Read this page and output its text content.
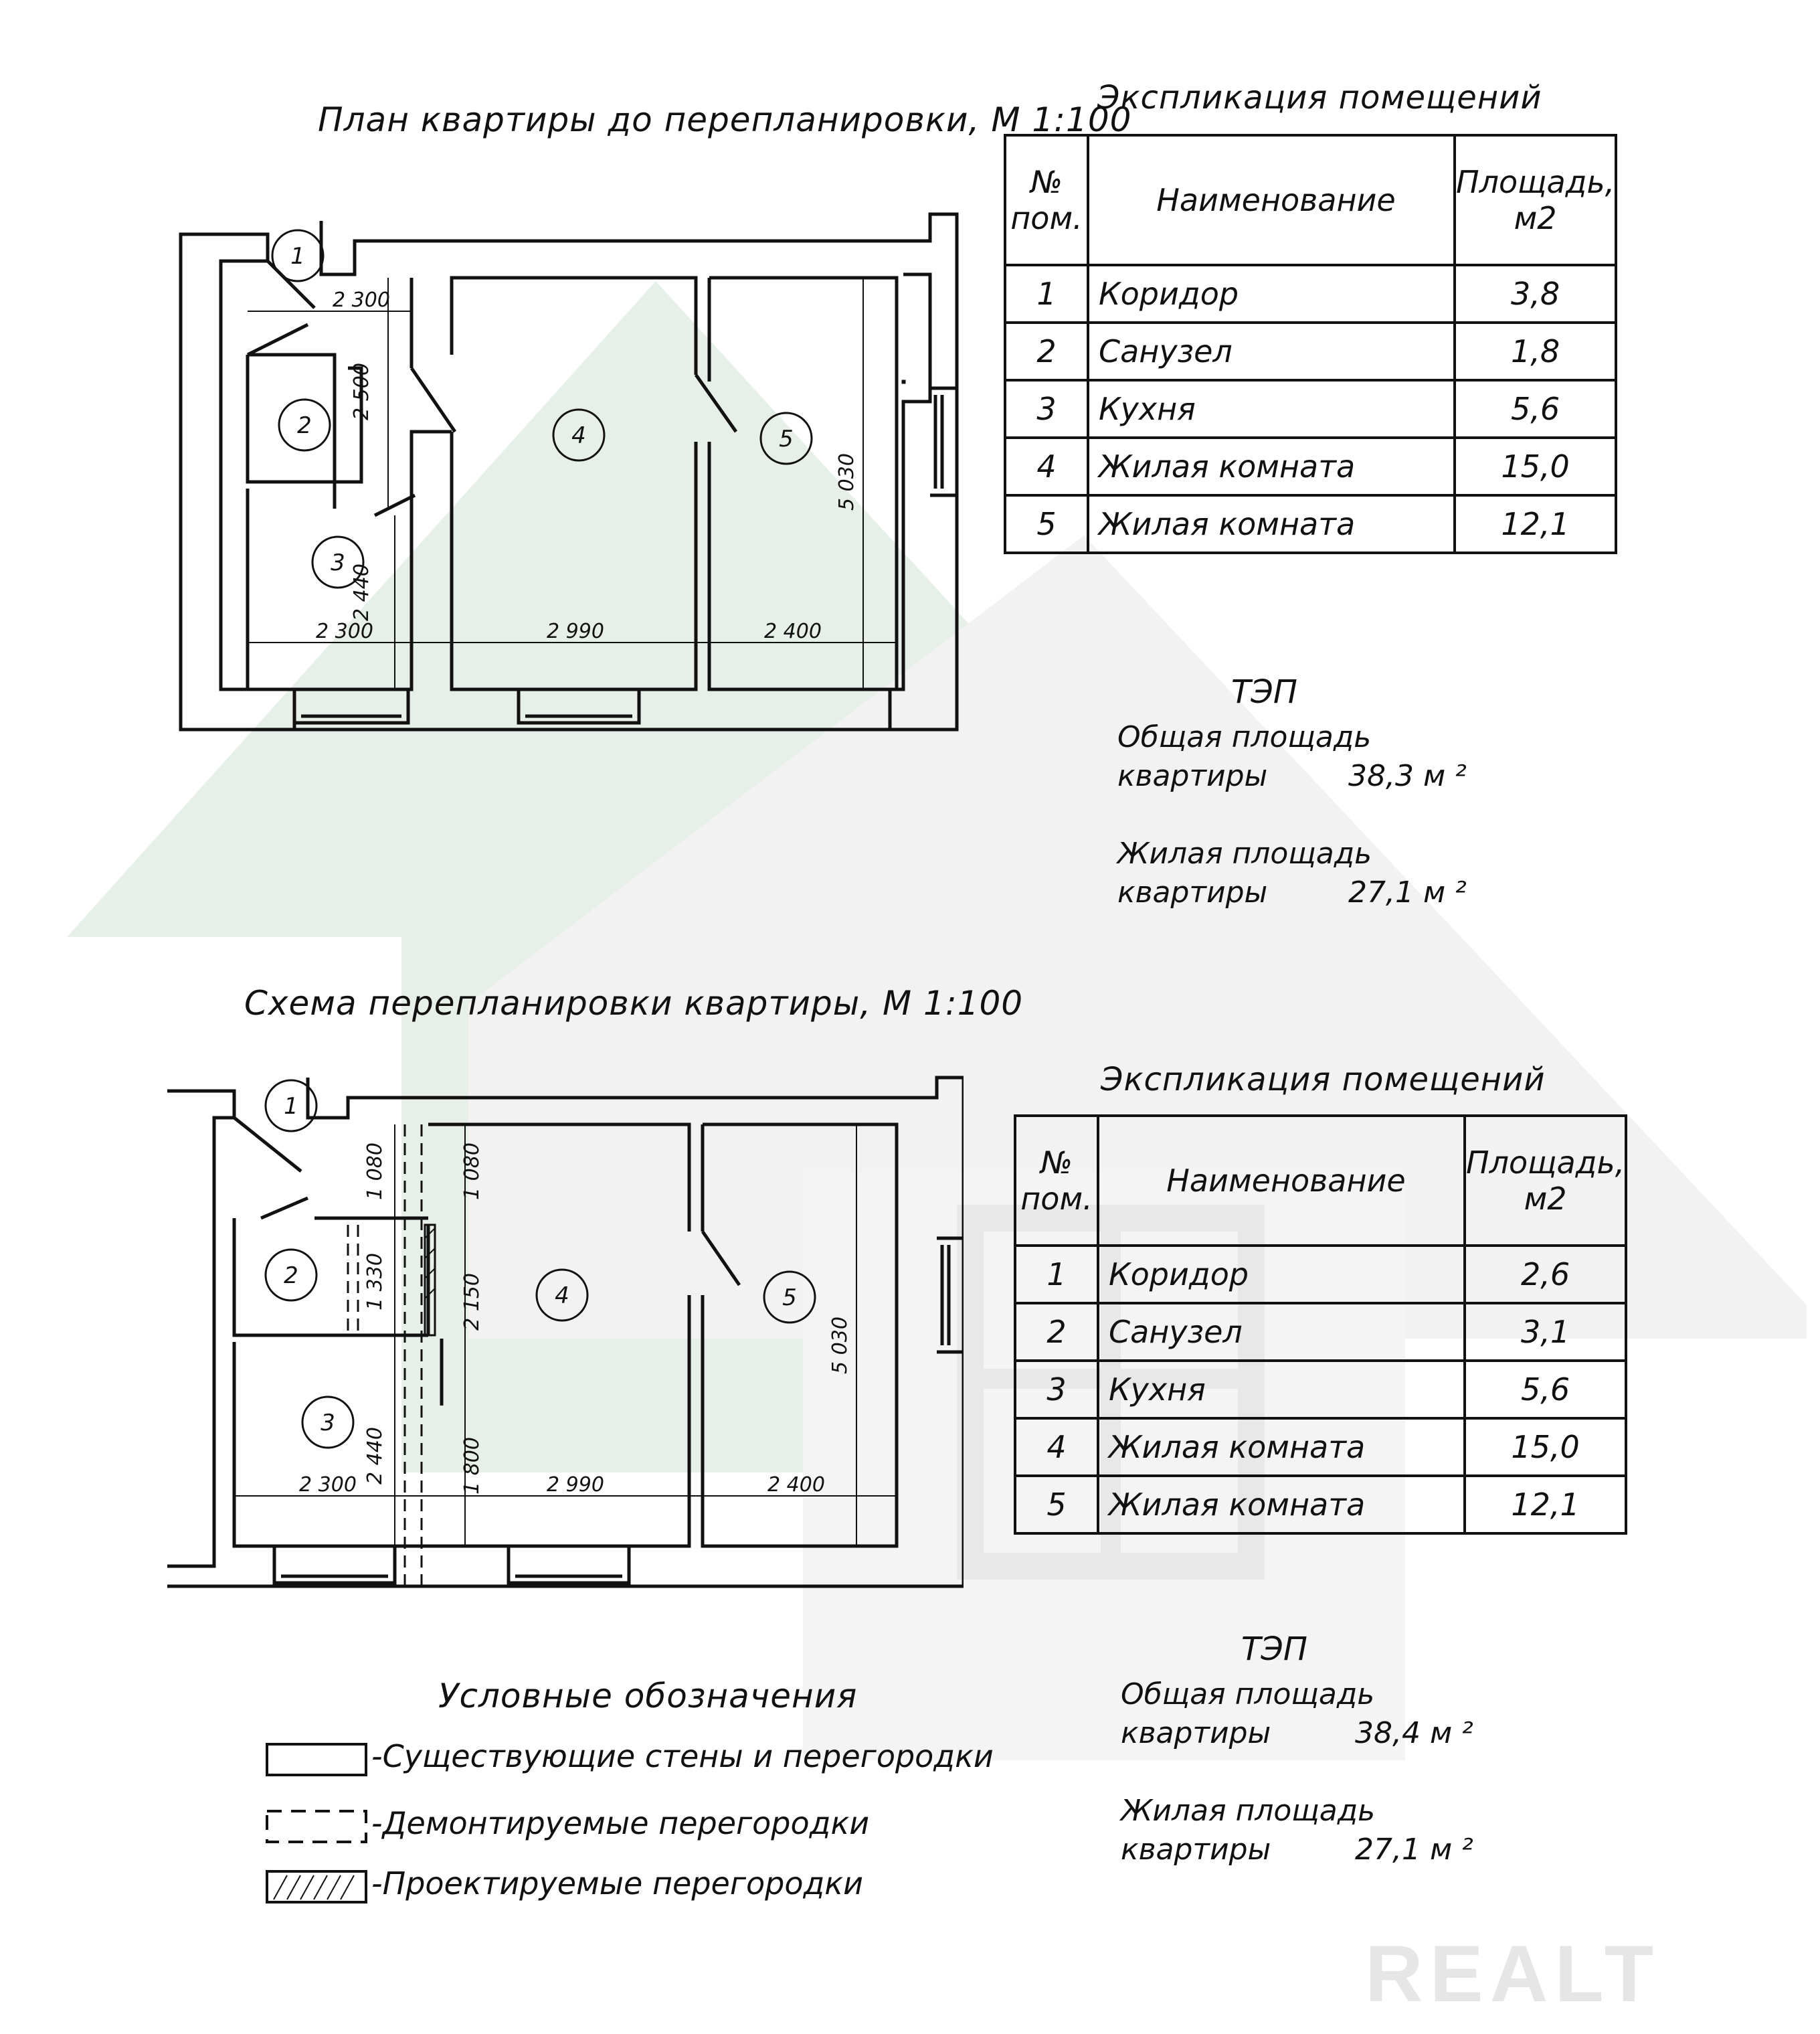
REALT
План квартиры до перепланировки, М 1:100
Схема перепланировки квартиры, М 1:100
1
2
3
4	5
2 300
2 500
2 440
2 300	2 990	2 400
5 030
1
2
3
4	5
1 080
1 330
1 080
2 150
1 800
2 440
2 300	2 990	2 400
5 030
Экспликация помещений
№ пом.	Наименование	Площадь, м2
1	Коридор	3,8
2	Санузел	1,8
3	Кухня	5,6
4	Жилая комната	15,0
5	Жилая комната	12,1
Экспликация помещений
№ пом.	Наименование	Площадь, м2
1	Коридор	2,6
2	Санузел	3,1
3	Кухня	5,6
4	Жилая комната	15,0
5	Жилая комната	12,1
ТЭП
Общая площадь
квартиры	38,3 м ²
Жилая площадь
квартиры	27,1 м ²
ТЭП
Общая площадь
квартиры	38,4 м ²
Жилая площадь
квартиры	27,1 м ²
Условные обозначения
-Существующие стены и перегородки
-Демонтируемые перегородки
-Проектируемые перегородки
